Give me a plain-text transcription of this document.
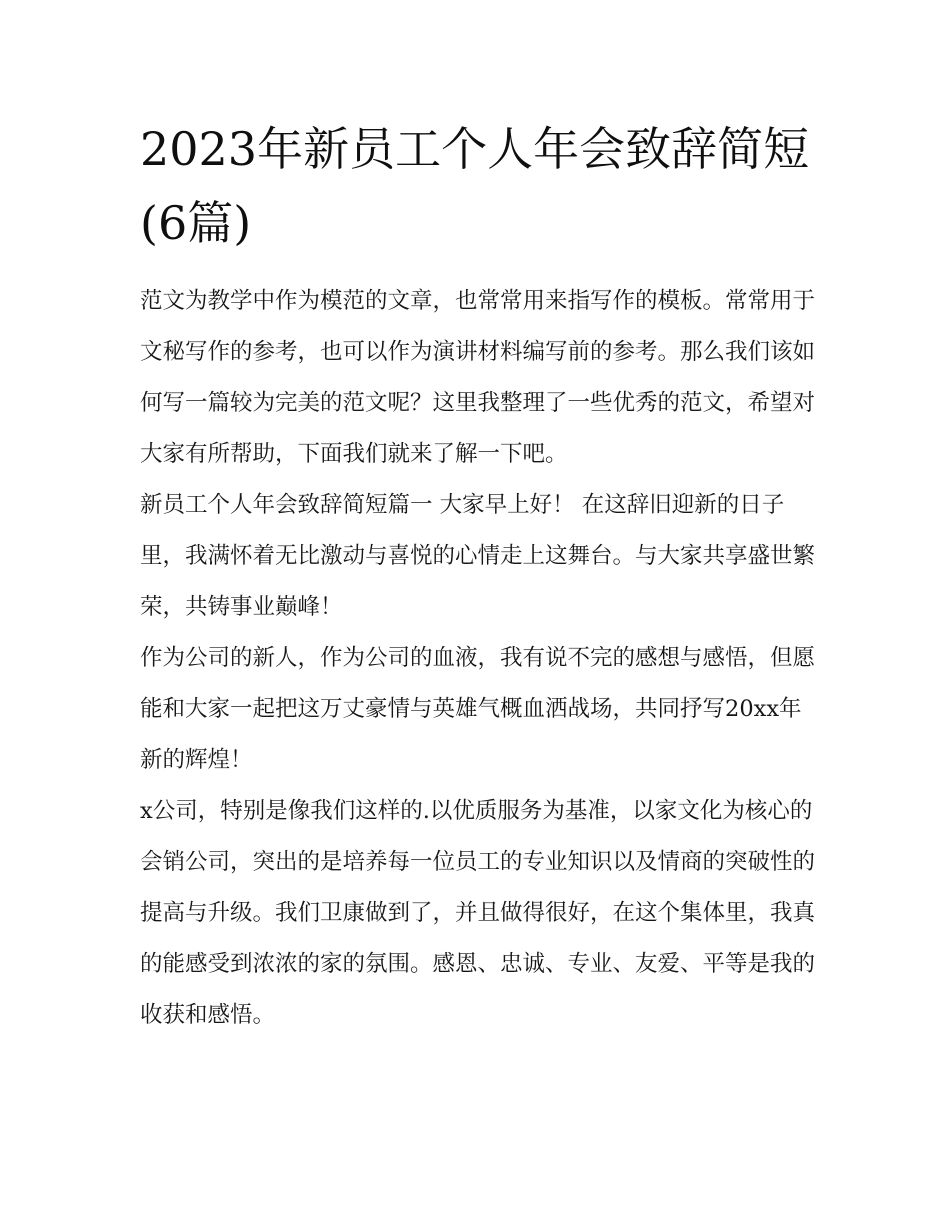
2023年新员工个人年会致辞简短(6篇)

范文为教学中作为模范的文章，也常常用来指写作的模板。常常用于文秘写作的参考，也可以作为演讲材料编写前的参考。那么我们该如何写一篇较为完美的范文呢？这里我整理了一些优秀的范文，希望对大家有所帮助，下面我们就来了解一下吧。

新员工个人年会致辞简短篇一 大家早上好！ 在这辞旧迎新的日子里，我满怀着无比激动与喜悦的心情走上这舞台。与大家共享盛世繁荣，共铸事业巅峰！

作为公司的新人，作为公司的血液，我有说不完的感想与感悟，但愿能和大家一起把这万丈豪情与英雄气概血洒战场，共同抒写20xx年新的辉煌！

x公司，特别是像我们这样的.以优质服务为基准，以家文化为核心的会销公司，突出的是培养每一位员工的专业知识以及情商的突破性的提高与升级。我们卫康做到了，并且做得很好，在这个集体里，我真的能感受到浓浓的家的氛围。感恩、忠诚、专业、友爱、平等是我的收获和感悟。
